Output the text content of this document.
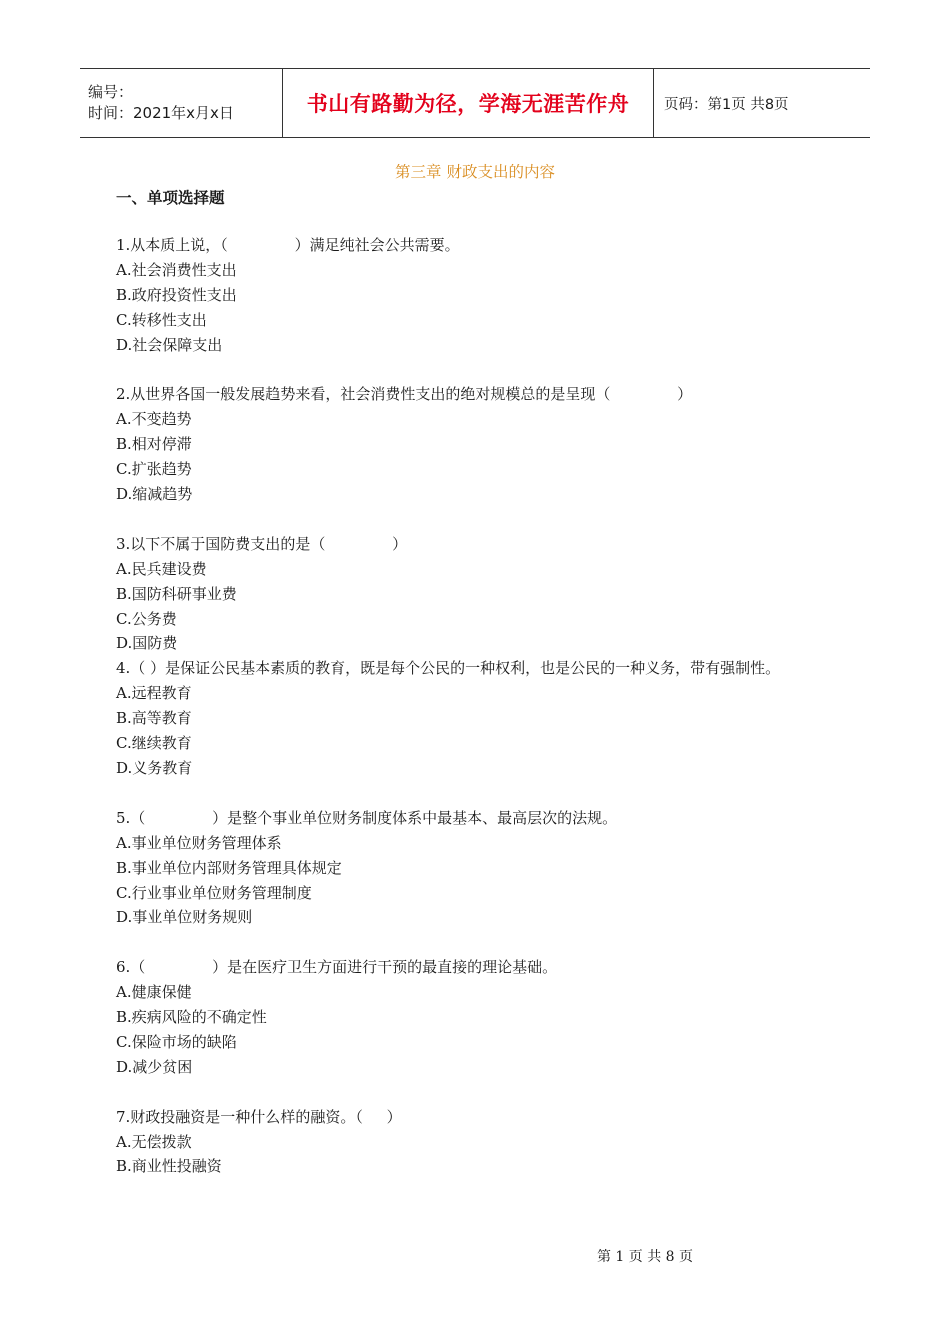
编号：
时间：2021年x月x日	书山有路勤为径，学海无涯苦作舟 页码：第1页 共8页
第三章 财政支出的内容
一、单项选择题
1.从本质上说，（              ）满足纯社会公共需要。
A.社会消费性支出
B.政府投资性支出
C.转移性支出
D.社会保障支出
2.从世界各国一般发展趋势来看，社会消费性支出的绝对规模总的是呈现（              ）
A.不变趋势
B.相对停滞
C.扩张趋势
D.缩减趋势
3.以下不属于国防费支出的是（              ）
A.民兵建设费
B.国防科研事业费
C.公务费
D.国防费
4.（ ）是保证公民基本素质的教育，既是每个公民的一种权利，也是公民的一种义务，带有强制性。
A.远程教育
B.高等教育
C.继续教育
D.义务教育
5.（              ）是整个事业单位财务制度体系中最基本、最高层次的法规。
A.事业单位财务管理体系
B.事业单位内部财务管理具体规定
C.行业事业单位财务管理制度
D.事业单位财务规则
6.（              ）是在医疗卫生方面进行干预的最直接的理论基础。
A.健康保健
B.疾病风险的不确定性
C.保险市场的缺陷
D.减少贫困
7.财政投融资是一种什么样的融资。（     ）
A.无偿拨款
B.商业性投融资
第 1 页 共 8 页
